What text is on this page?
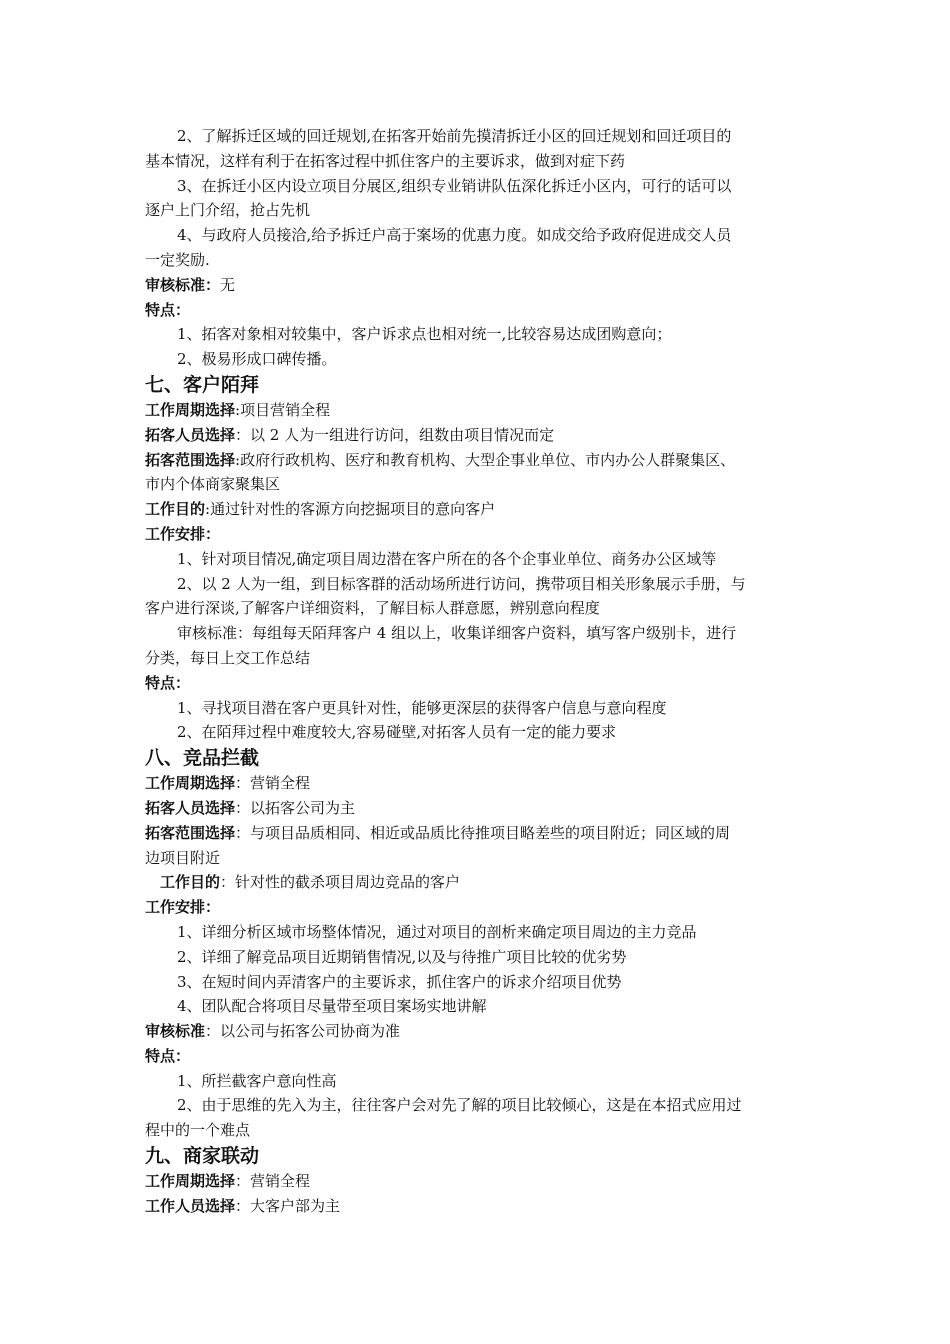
2、了解拆迁区域的回迁规划,在拓客开始前先摸清拆迁小区的回迁规划和回迁项目的
基本情况，这样有利于在拓客过程中抓住客户的主要诉求，做到对症下药
3、在拆迁小区内设立项目分展区,组织专业销讲队伍深化拆迁小区内，可行的话可以
逐户上门介绍，抢占先机
4、与政府人员接洽,给予拆迁户高于案场的优惠力度。如成交给予政府促进成交人员
一定奖励.
审核标准：无
特点：
1、拓客对象相对较集中，客户诉求点也相对统一,比较容易达成团购意向；
2、极易形成口碑传播。
七、客户陌拜
工作周期选择:项目营销全程
拓客人员选择：以 2 人为一组进行访问，组数由项目情况而定
拓客范围选择:政府行政机构、医疗和教育机构、大型企事业单位、市内办公人群聚集区、
市内个体商家聚集区
工作目的:通过针对性的客源方向挖掘项目的意向客户
工作安排：
1、针对项目情况,确定项目周边潜在客户所在的各个企事业单位、商务办公区域等
2、以 2 人为一组，到目标客群的活动场所进行访问，携带项目相关形象展示手册，与
客户进行深谈,了解客户详细资料，了解目标人群意愿，辨别意向程度
审核标准：每组每天陌拜客户 4 组以上，收集详细客户资料，填写客户级别卡，进行
分类，每日上交工作总结
特点：
1、寻找项目潜在客户更具针对性，能够更深层的获得客户信息与意向程度
2、在陌拜过程中难度较大,容易碰壁,对拓客人员有一定的能力要求
八、竞品拦截
工作周期选择：营销全程
拓客人员选择：以拓客公司为主
拓客范围选择：与项目品质相同、相近或品质比待推项目略差些的项目附近；同区域的周
边项目附近
工作目的：针对性的截杀项目周边竞品的客户
工作安排：
1、详细分析区域市场整体情况，通过对项目的剖析来确定项目周边的主力竞品
2、详细了解竞品项目近期销售情况,以及与待推广项目比较的优劣势
3、在短时间内弄清客户的主要诉求，抓住客户的诉求介绍项目优势
4、团队配合将项目尽量带至项目案场实地讲解
审核标准：以公司与拓客公司协商为准
特点：
1、所拦截客户意向性高
2、由于思维的先入为主，往往客户会对先了解的项目比较倾心，这是在本招式应用过
程中的一个难点
九、商家联动
工作周期选择：营销全程
工作人员选择：大客户部为主
